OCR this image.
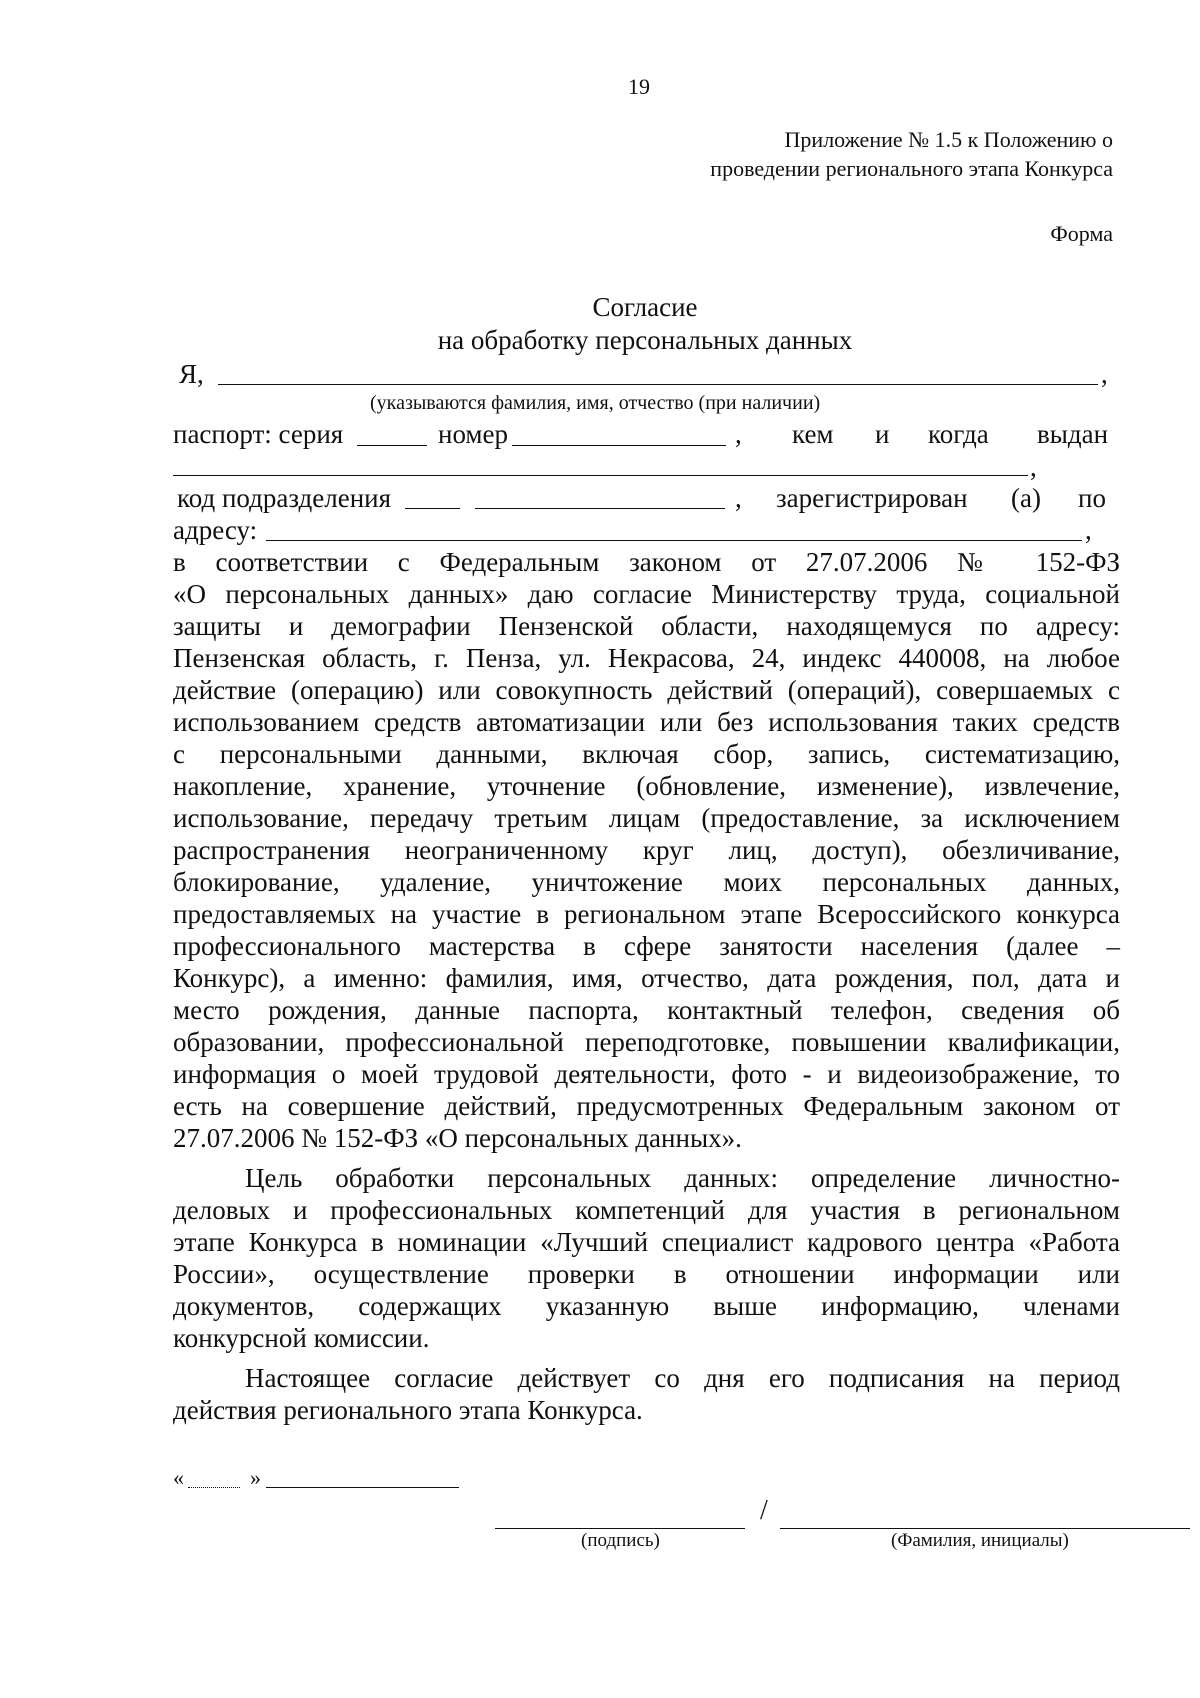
19
Приложение № 1.5 к Положению о
проведении регионального этапа Конкурса
Форма
Согласие
на обработку персональных данных
Я,	,
(указываются фамилия, имя, отчество (при наличии)
паспорт: серия	номер	, кем и когда выдан
,
код подразделения	, зарегистрирован (а) по
адресу:	,
в соответствии с Федеральным законом от 27.07.2006 № 152-ФЗ
«О персональных данных» даю согласие Министерству труда, социальной
защиты и демографии Пензенской области, находящемуся по адресу:
Пензенская область, г. Пенза, ул. Некрасова, 24, индекс 440008, на любое
действие (операцию) или совокупность действий (операций), совершаемых с
использованием средств автоматизации или без использования таких средств
с персональными данными, включая сбор, запись, систематизацию,
накопление, хранение, уточнение (обновление, изменение), извлечение,
использование, передачу третьим лицам (предоставление, за исключением
распространения неограниченному круг лиц, доступ), обезличивание,
блокирование, удаление, уничтожение моих персональных данных,
предоставляемых на участие в региональном этапе Всероссийского конкурса
профессионального мастерства в сфере занятости населения (далее –
Конкурс), а именно: фамилия, имя, отчество, дата рождения, пол, дата и
место рождения, данные паспорта, контактный телефон, сведения об
образовании, профессиональной переподготовке, повышении квалификации,
информация о моей трудовой деятельности, фото - и видеоизображение, то
есть на совершение действий, предусмотренных Федеральным законом от
27.07.2006 № 152-ФЗ «О персональных данных».
Цель обработки персональных данных: определение личностно-
деловых и профессиональных компетенций для участия в региональном
этапе Конкурса в номинации «Лучший специалист кадрового центра «Работа
России», осуществление проверки в отношении информации или
документов, содержащих указанную выше информацию, членами
конкурсной комиссии.
Настоящее согласие действует со дня его подписания на период
действия регионального этапа Конкурса.
«	»
/
(подпись)	(Фамилия, инициалы)
